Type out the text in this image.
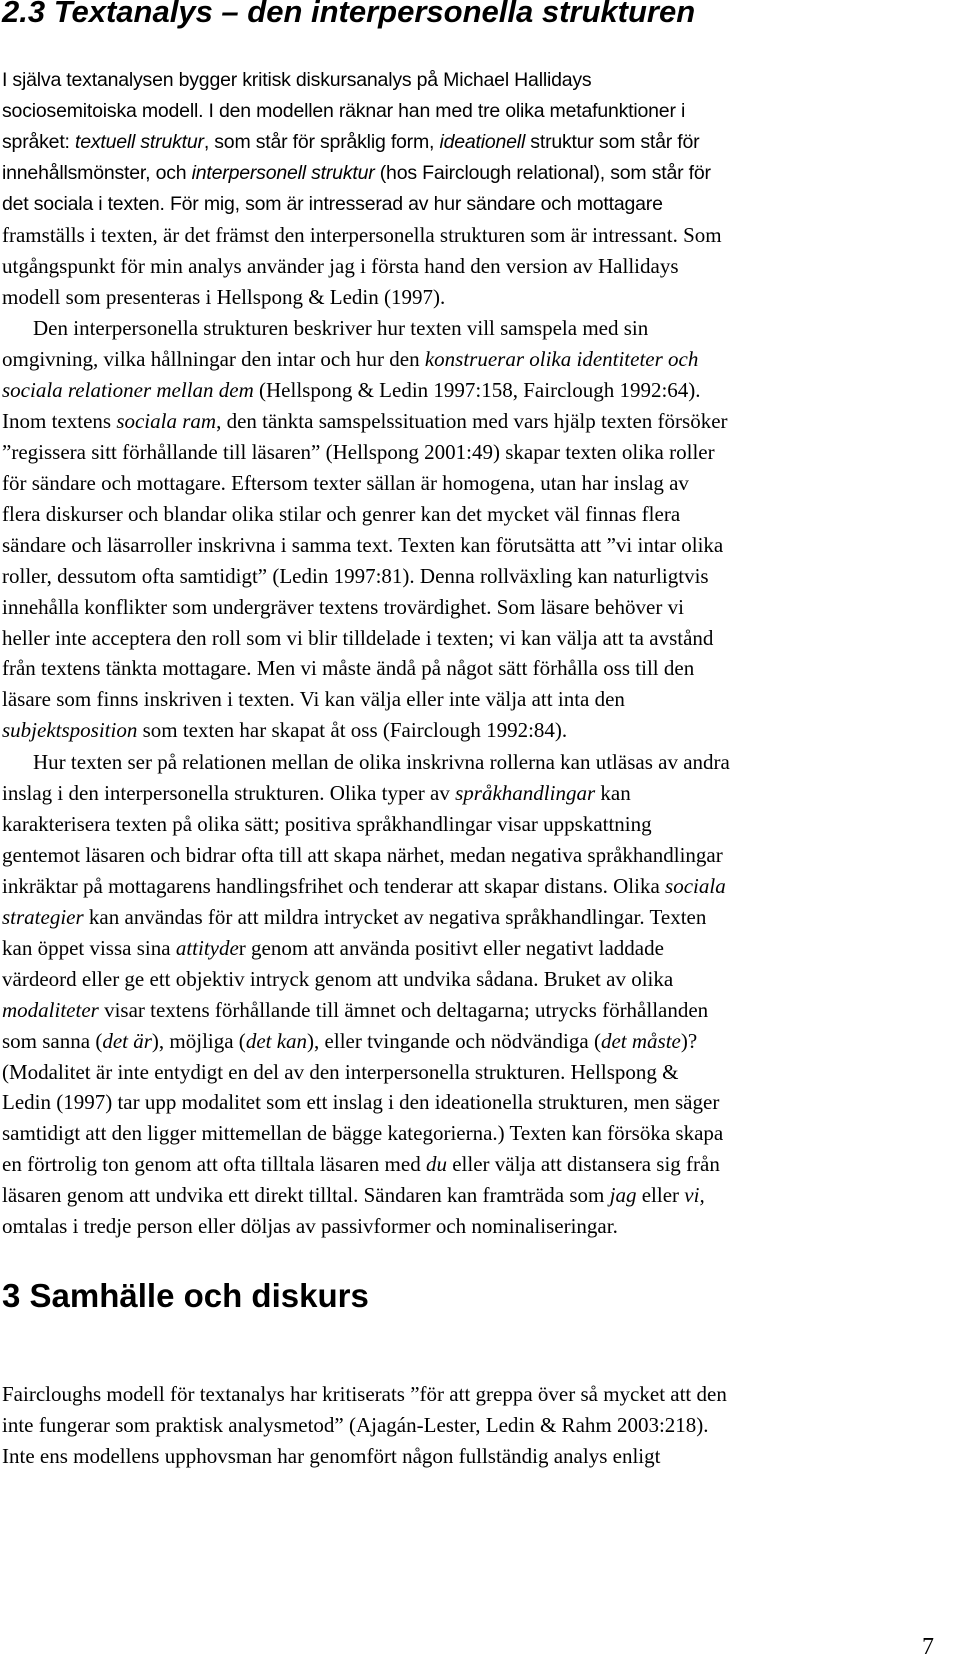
2.3 Textanalys – den interpersonella strukturen

I själva textanalysen bygger kritisk diskursanalys på Michael Hallidays
sociosemitoiska modell. I den modellen räknar han med tre olika metafunktioner i
språket: textuell struktur, som står för språklig form, ideationell struktur som står för
innehållsmönster, och interpersonell struktur (hos Fairclough relational), som står för
det sociala i texten. För mig, som är intresserad av hur sändare och mottagare
framställs i texten, är det främst den interpersonella strukturen som är intressant. Som
utgångspunkt för min analys använder jag i första hand den version av Hallidays
modell som presenteras i Hellspong & Ledin (1997).

Den interpersonella strukturen beskriver hur texten vill samspela med sin
omgivning, vilka hållningar den intar och hur den konstruerar olika identiteter och
sociala relationer mellan dem (Hellspong & Ledin 1997:158, Fairclough 1992:64).
Inom textens sociala ram, den tänkta samspelssituation med vars hjälp texten försöker
”regissera sitt förhållande till läsaren” (Hellspong 2001:49) skapar texten olika roller
för sändare och mottagare. Eftersom texter sällan är homogena, utan har inslag av
flera diskurser och blandar olika stilar och genrer kan det mycket väl finnas flera
sändare och läsarroller inskrivna i samma text. Texten kan förutsätta att ”vi intar olika
roller, dessutom ofta samtidigt” (Ledin 1997:81). Denna rollväxling kan naturligtvis
innehålla konflikter som undergräver textens trovärdighet. Som läsare behöver vi
heller inte acceptera den roll som vi blir tilldelade i texten; vi kan välja att ta avstånd
från textens tänkta mottagare. Men vi måste ändå på något sätt förhålla oss till den
läsare som finns inskriven i texten. Vi kan välja eller inte välja att inta den
subjektsposition som texten har skapat åt oss (Fairclough 1992:84).

Hur texten ser på relationen mellan de olika inskrivna rollerna kan utläsas av andra
inslag i den interpersonella strukturen. Olika typer av språkhandlingar kan
karakterisera texten på olika sätt; positiva språkhandlingar visar uppskattning
gentemot läsaren och bidrar ofta till att skapa närhet, medan negativa språkhandlingar
inkräktar på mottagarens handlingsfrihet och tenderar att skapar distans. Olika sociala
strategier kan användas för att mildra intrycket av negativa språkhandlingar. Texten
kan öppet vissa sina attityder genom att använda positivt eller negativt laddade
värdeord eller ge ett objektiv intryck genom att undvika sådana. Bruket av olika
modaliteter visar textens förhållande till ämnet och deltagarna; utrycks förhållanden
som sanna (det är), möjliga (det kan), eller tvingande och nödvändiga (det måste)?
(Modalitet är inte entydigt en del av den interpersonella strukturen. Hellspong &
Ledin (1997) tar upp modalitet som ett inslag i den ideationella strukturen, men säger
samtidigt att den ligger mittemellan de bägge kategorierna.) Texten kan försöka skapa
en förtrolig ton genom att ofta tilltala läsaren med du eller välja att distansera sig från
läsaren genom att undvika ett direkt tilltal. Sändaren kan framträda som jag eller vi,
omtalas i tredje person eller döljas av passivformer och nominaliseringar.

3 Samhälle och diskurs

Faircloughs modell för textanalys har kritiserats ”för att greppa över så mycket att den
inte fungerar som praktisk analysmetod” (Ajagán-Lester, Ledin & Rahm 2003:218).
Inte ens modellens upphovsman har genomfört någon fullständig analys enligt

7
